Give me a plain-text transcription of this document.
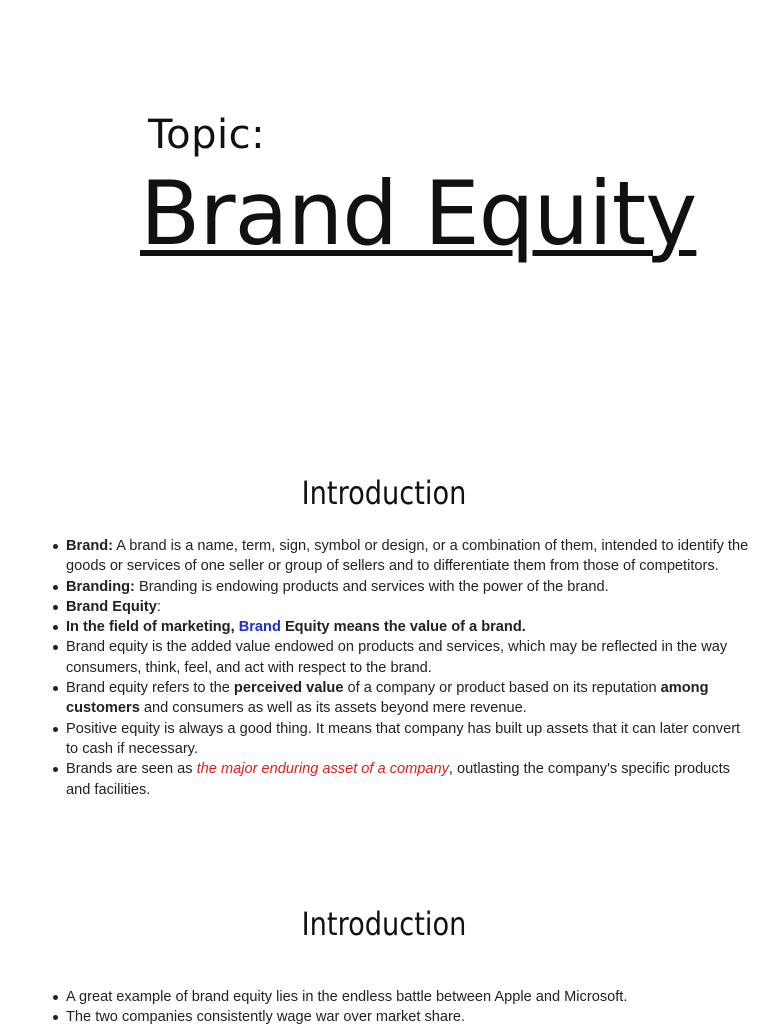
Topic:
Brand Equity
Introduction
Brand: A brand is a name, term, sign, symbol or design, or a combination of them, intended to identify the goods or services of one seller or group of sellers and to differentiate them from those of competitors.
Branding: Branding is endowing products and services with the power of the brand.
Brand Equity:
In the field of marketing, Brand Equity means the value of a brand.
Brand equity is the added value endowed on products and services, which may be reflected in the way consumers, think, feel, and act with respect to the brand.
Brand equity refers to the perceived value of a company or product based on its reputation among customers and consumers as well as its assets beyond mere revenue.
Positive equity is always a good thing. It means that company has built up assets that it can later convert to cash if necessary.
Brands are seen as the major enduring asset of a company, outlasting the company's specific products and facilities.
Introduction
A great example of brand equity lies in the endless battle between Apple and Microsoft.
The two companies consistently wage war over market share.
